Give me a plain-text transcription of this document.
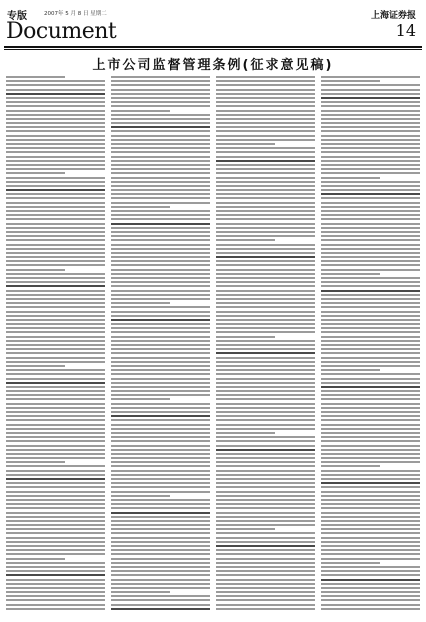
专版	2007年 5 月 8 日 星期二
Document
上海证券报
14
上市公司监督管理条例(征求意见稿)
